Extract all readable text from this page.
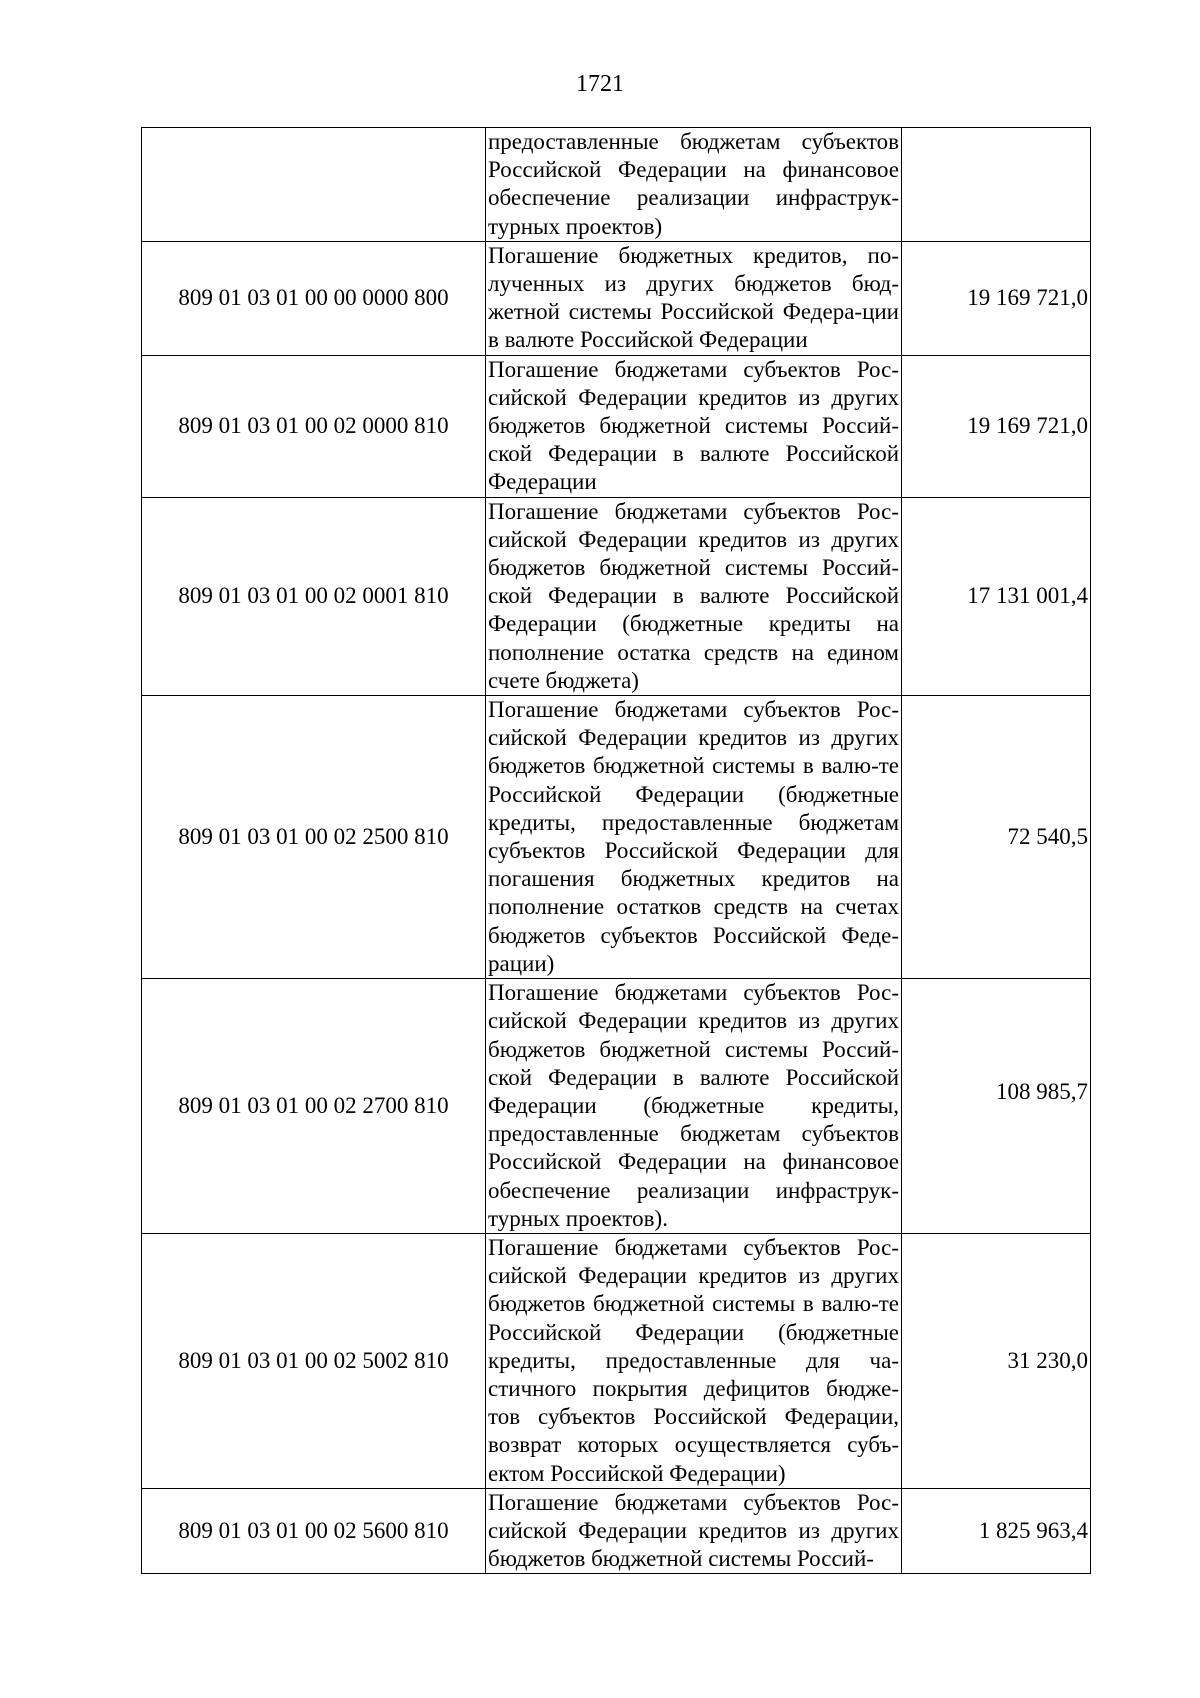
1721
	предоставленные бюджетам субъектов Российской Федерации на финансовое обеспечение реализации инфраструк-турных проектов)	
809 01 03 01 00 00 0000 800	Погашение бюджетных кредитов, по-лученных из других бюджетов бюд-жетной системы Российской Федера-ции в валюте Российской Федерации	19 169 721,0
809 01 03 01 00 02 0000 810	Погашение бюджетами субъектов Рос-сийской Федерации кредитов из других бюджетов бюджетной системы Россий-ской Федерации в валюте Российской Федерации	19 169 721,0
809 01 03 01 00 02 0001 810	Погашение бюджетами субъектов Рос-сийской Федерации кредитов из других бюджетов бюджетной системы Россий-ской Федерации в валюте Российской Федерации (бюджетные кредиты на пополнение остатка средств на едином счете бюджета)	17 131 001,4
809 01 03 01 00 02 2500 810	Погашение бюджетами субъектов Рос-сийской Федерации кредитов из других бюджетов бюджетной системы в валю-те Российской Федерации (бюджетные кредиты, предоставленные бюджетам субъектов Российской Федерации для погашения бюджетных кредитов на пополнение остатков средств на счетах бюджетов субъектов Российской Феде-рации)	72 540,5
809 01 03 01 00 02 2700 810	Погашение бюджетами субъектов Рос-сийской Федерации кредитов из других бюджетов бюджетной системы Россий-ской Федерации в валюте Российской Федерации (бюджетные кредиты, предоставленные бюджетам субъектов Российской Федерации на финансовое обеспечение реализации инфраструк-турных проектов).	108 985,7
809 01 03 01 00 02 5002 810	Погашение бюджетами субъектов Рос-сийской Федерации кредитов из других бюджетов бюджетной системы в валю-те Российской Федерации (бюджетные кредиты, предоставленные для ча-стичного покрытия дефицитов бюдже-тов субъектов Российской Федерации, возврат которых осуществляется субъ-ектом Российской Федерации)	31 230,0
809 01 03 01 00 02 5600 810	Погашение бюджетами субъектов Рос-сийской Федерации кредитов из других бюджетов бюджетной системы Россий-	1 825 963,4
